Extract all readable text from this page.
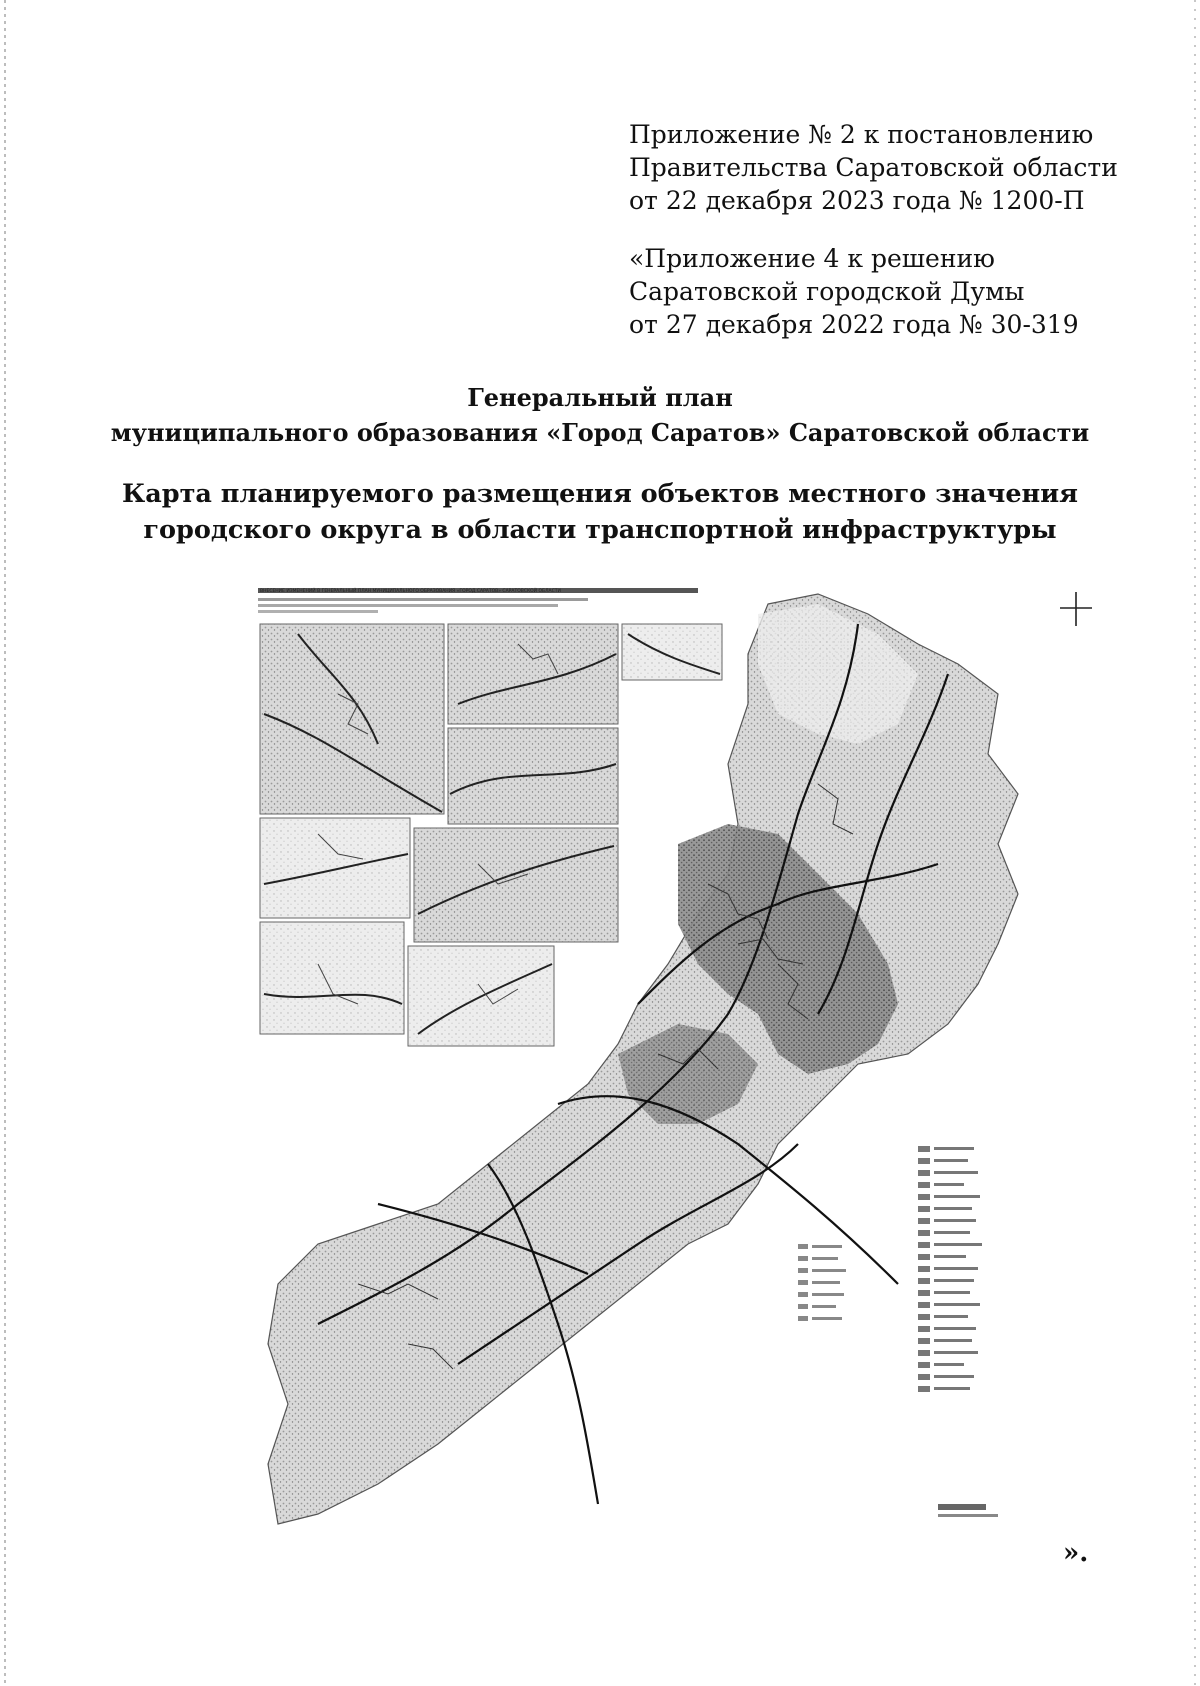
Приложение № 2 к постановлению
Правительства Саратовской области
от 22 декабря 2023 года № 1200-П
«Приложение 4 к решению
Саратовской городской Думы
от 27 декабря 2022 года № 30-319
Генеральный план
муниципального образования «Город Саратов» Саратовской области
Карта планируемого размещения объектов местного значения
городского округа в области транспортной инфраструктуры
ВНЕСЕНИЕ ИЗМЕНЕНИЙ В ГЕНЕРАЛЬНЫЙ ПЛАН МУНИЦИПАЛЬНОГО ОБРАЗОВАНИЯ «ГОРОД САРАТОВ» САРАТОВСКОЙ ОБЛАСТИ
».
